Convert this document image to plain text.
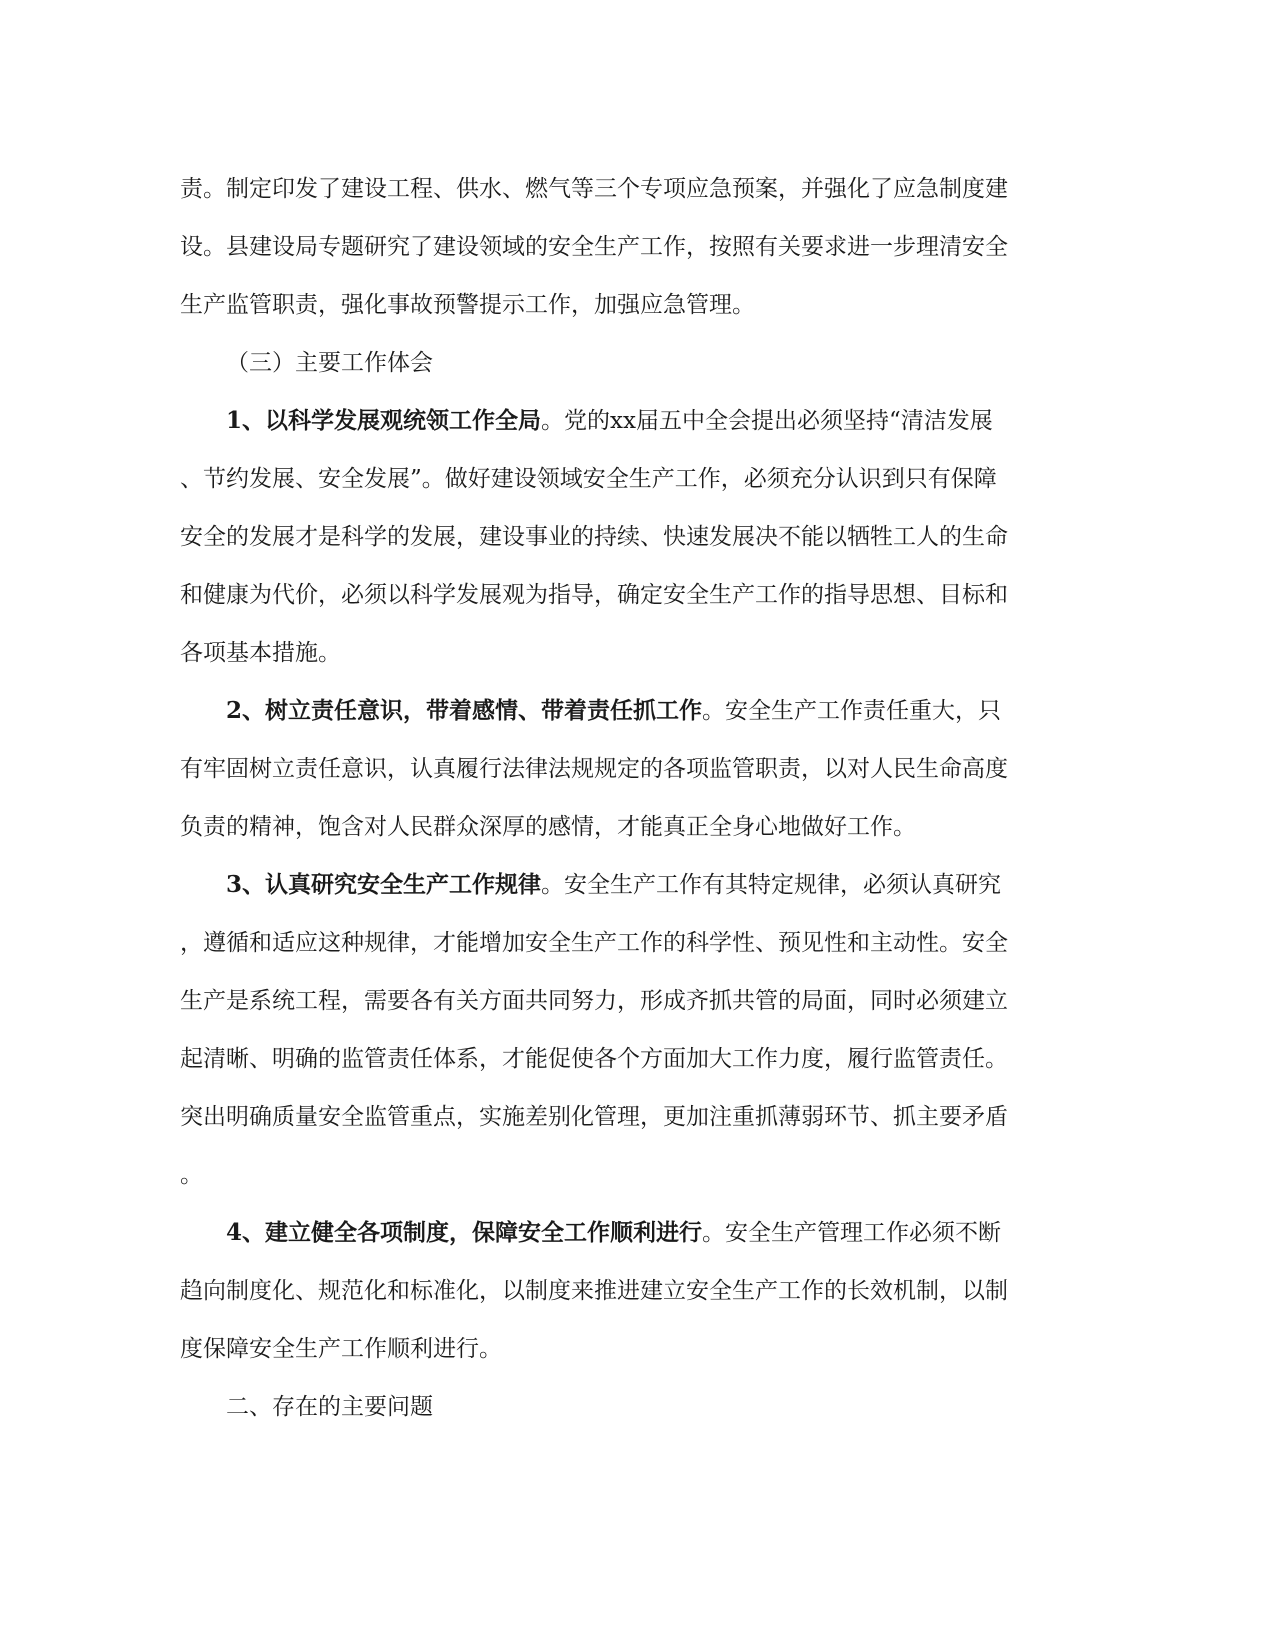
责。制定印发了建设工程、供水、燃气等三个专项应急预案，并强化了应急制度建
设。县建设局专题研究了建设领域的安全生产工作，按照有关要求进一步理清安全
生产监管职责，强化事故预警提示工作，加强应急管理。
（三）主要工作体会
1、以科学发展观统领工作全局。党的xx届五中全会提出必须坚持“清洁发展
、节约发展、安全发展”。做好建设领域安全生产工作，必须充分认识到只有保障
安全的发展才是科学的发展，建设事业的持续、快速发展决不能以牺牲工人的生命
和健康为代价，必须以科学发展观为指导，确定安全生产工作的指导思想、目标和
各项基本措施。
2、树立责任意识，带着感情、带着责任抓工作。安全生产工作责任重大，只
有牢固树立责任意识，认真履行法律法规规定的各项监管职责，以对人民生命高度
负责的精神，饱含对人民群众深厚的感情，才能真正全身心地做好工作。
3、认真研究安全生产工作规律。安全生产工作有其特定规律，必须认真研究
，遵循和适应这种规律，才能增加安全生产工作的科学性、预见性和主动性。安全
生产是系统工程，需要各有关方面共同努力，形成齐抓共管的局面，同时必须建立
起清晰、明确的监管责任体系，才能促使各个方面加大工作力度，履行监管责任。
突出明确质量安全监管重点，实施差别化管理，更加注重抓薄弱环节、抓主要矛盾
。
4、建立健全各项制度，保障安全工作顺利进行。安全生产管理工作必须不断
趋向制度化、规范化和标准化，以制度来推进建立安全生产工作的长效机制，以制
度保障安全生产工作顺利进行。
二、存在的主要问题
